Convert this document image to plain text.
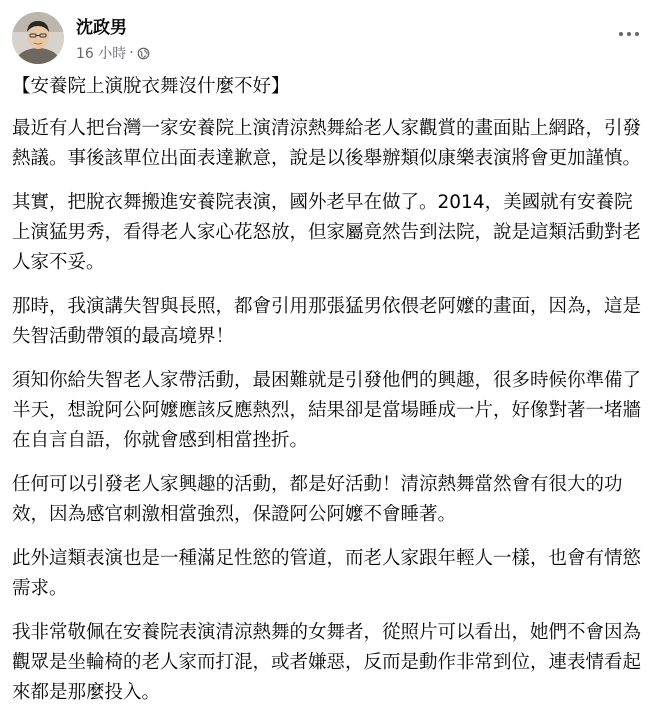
沈政男
16 小時 ·

【安養院上演脫衣舞沒什麼不好】

最近有人把台灣一家安養院上演清涼熱舞給老人家觀賞的畫面貼上網路，引發熱議。事後該單位出面表達歉意，說是以後舉辦類似康樂表演將會更加謹慎。

其實，把脫衣舞搬進安養院表演，國外老早在做了。2014，美國就有安養院上演猛男秀，看得老人家心花怒放，但家屬竟然告到法院，說是這類活動對老人家不妥。

那時，我演講失智與長照，都會引用那張猛男依偎老阿嬤的畫面，因為，這是失智活動帶領的最高境界！

須知你給失智老人家帶活動，最困難就是引發他們的興趣，很多時候你準備了半天，想說阿公阿嬤應該反應熱烈，結果卻是當場睡成一片，好像對著一堵牆在自言自語，你就會感到相當挫折。

任何可以引發老人家興趣的活動，都是好活動！清涼熱舞當然會有很大的功效，因為感官刺激相當強烈，保證阿公阿嬤不會睡著。

此外這類表演也是一種滿足性慾的管道，而老人家跟年輕人一樣，也會有情慾需求。

我非常敬佩在安養院表演清涼熱舞的女舞者，從照片可以看出，她們不會因為觀眾是坐輪椅的老人家而打混，或者嫌惡，反而是動作非常到位，連表情看起來都是那麼投入。
